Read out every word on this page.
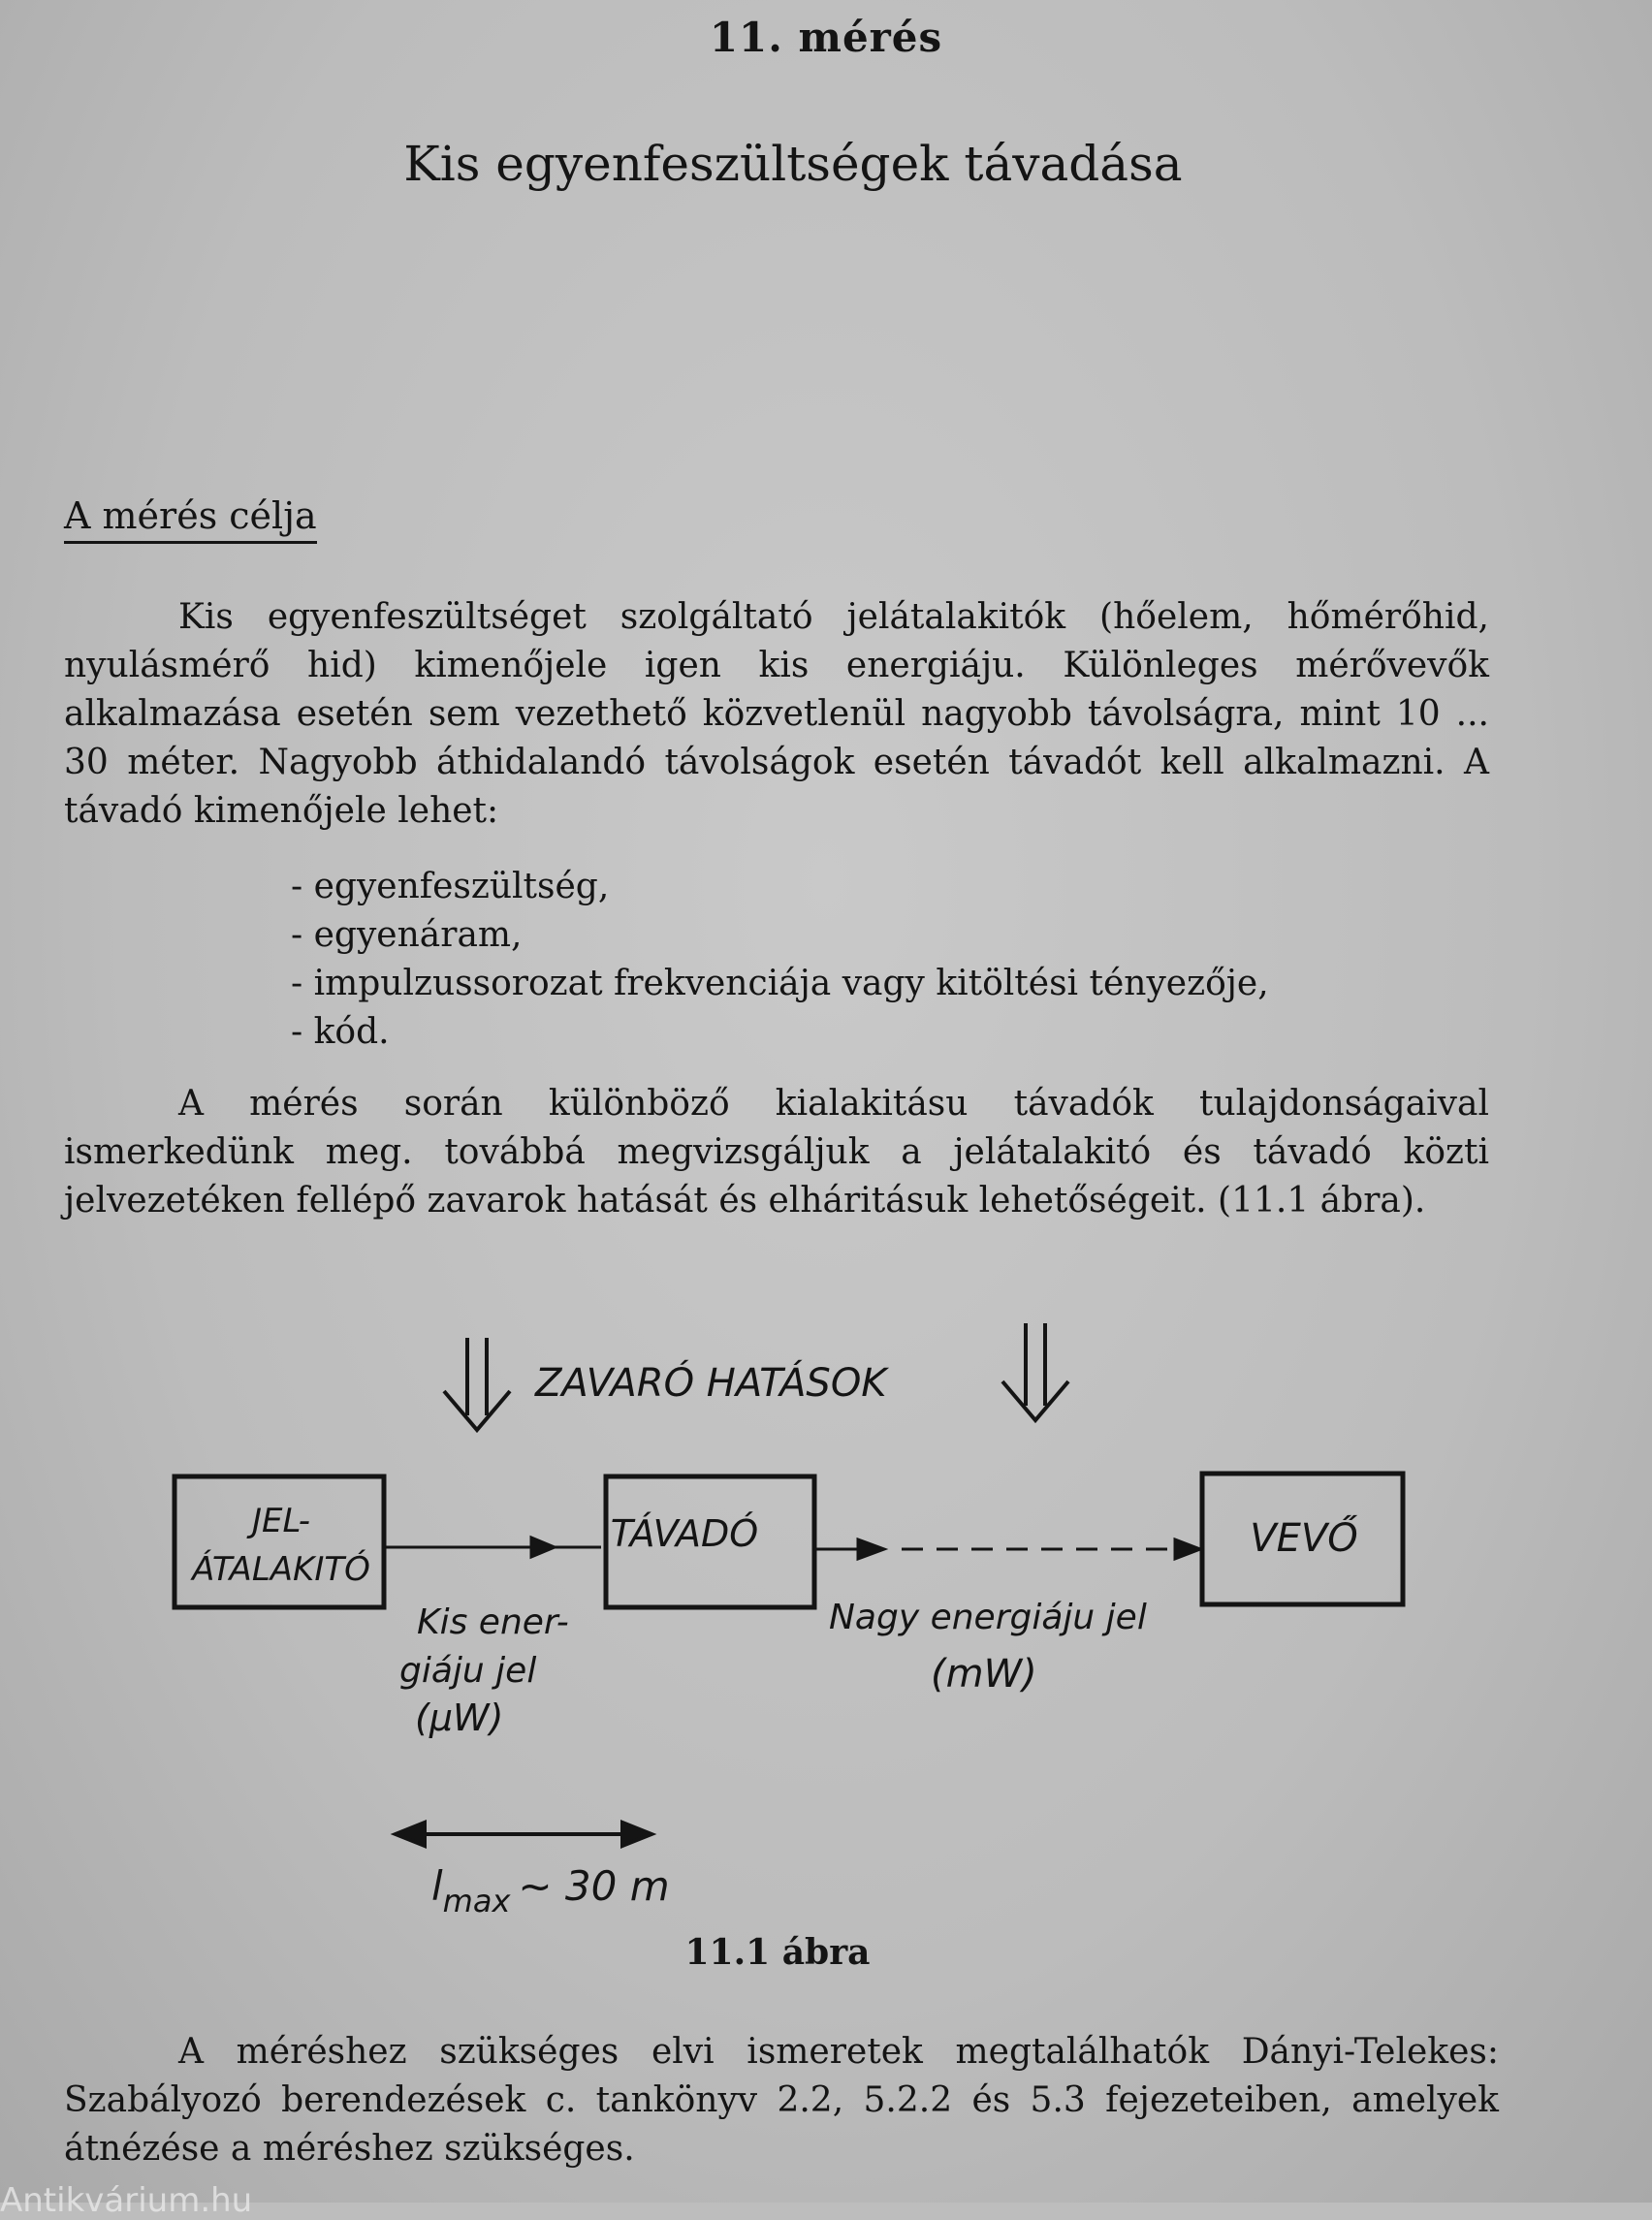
11. mérés
Kis egyenfeszültségek távadása
A mérés célja

Kis egyenfeszültséget szolgáltató jelátalakitók (hőelem, hőmérőhid, nyulásmérő hid) kimenőjele igen kis energiáju. Különleges mérővevők alkalmazása esetén sem vezethető közvetlenül nagyobb távolságra, mint 10 ... 30 méter. Nagyobb áthidalandó távolságok esetén távadót kell alkalmazni. A távadó kimenőjele lehet:

- egyenfeszültség,
- egyenáram,
- impulzussorozat frekvenciája vagy kitöltési tényezője,
- kód.

A mérés során különböző kialakitásu távadók tulajdonságaival ismerkedünk meg. továbbá megvizsgáljuk a jelátalakitó és távadó közti jelvezetéken fellépő zavarok hatását és elháritásuk lehetőségeit. (11.1 ábra).

ZAVARÓ HATÁSOK
JEL-
ÁTALAKITÓ
TÁVADÓ	VEVŐ
Kis ener-
giáju jel
(μW)
Nagy energiáju jel
(mW)
$l_{max}$ ~ 30 m
11.1 ábra

A méréshez szükséges elvi ismeretek megtalálhatók Dányi-Telekes: Szabályozó berendezések c. tankönyv 2.2, 5.2.2 és 5.3 fejezeteiben, amelyek átnézése a méréshez szükséges.

Antikvárium.hu
